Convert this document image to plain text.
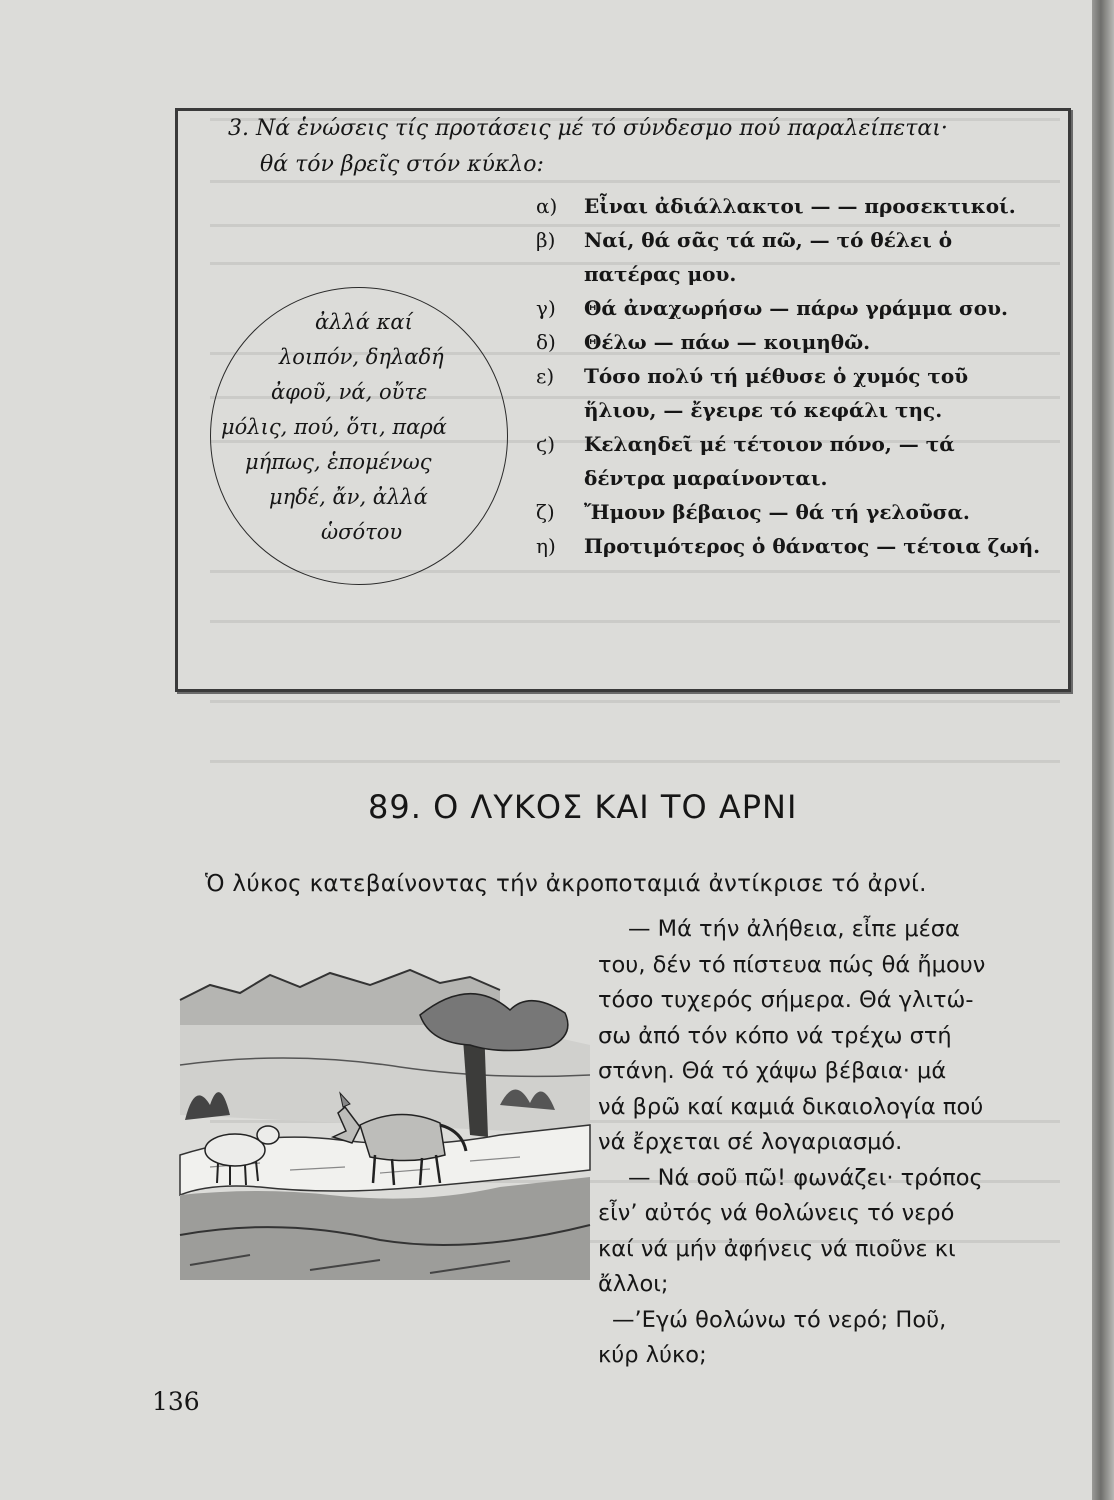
3. Νά ἑνώσεις τίς προτάσεις μέ τό σύνδεσμο πού παραλείπεται·
θά τόν βρεῖς στόν κύκλο:
ἀλλά καί
λοιπόν, δηλαδή
ἀφοῦ, νά, οὔτε
μόλις, πού, ὅτι, παρά
μήπως, ἑπομένως
μηδέ, ἄν, ἀλλά
ὡσότου
α)	Εἶναι ἀδιάλλακτοι — — προσεκτικοί.
β)	Ναί, θά σᾶς τά πῶ, — τό θέλει ὁ πατέρας μου.
γ)	Θά ἀναχωρήσω — πάρω γράμμα σου.
δ)	Θέλω — πάω — κοιμηθῶ.
ε)	Τόσο πολύ τή μέθυσε ὁ χυμός τοῦ ἥλιου, — ἔγειρε τό κεφάλι της.
ϛ)	Κελαηδεῖ μέ τέτοιον πόνο, — τά δέντρα μαραίνονται.
ζ)	Ἤμουν βέβαιος — θά τή γελοῦσα.
η)	Προτιμότερος ὁ θάνατος — τέτοια ζωή.
89. Ο ΛΥΚΟΣ ΚΑΙ ΤΟ ΑΡΝΙ

Ὁ λύκος κατεβαίνοντας τήν ἀκροποταμιά ἀντίκρισε τό ἀρνί.

— Μά τήν ἀλήθεια, εἶπε μέσα

του, δέν τό πίστευα πώς θά ἤμουν

τόσο τυχερός σήμερα. Θά γλιτώ-

σω ἀπό τόν κόπο νά τρέχω στή

στάνη. Θά τό χάψω βέβαια· μά

νά βρῶ καί καμιά δικαιολογία πού

νά ἔρχεται σέ λογαριασμό.

— Νά σοῦ πῶ! φωνάζει· τρόπος

εἶν’ αὐτός νά θολώνεις τό νερό

καί νά μήν ἀφήνεις νά πιοῦνε κι

ἄλλοι;

—’Εγώ θολώνω τό νερό; Ποῦ,

κύρ λύκο;

136
